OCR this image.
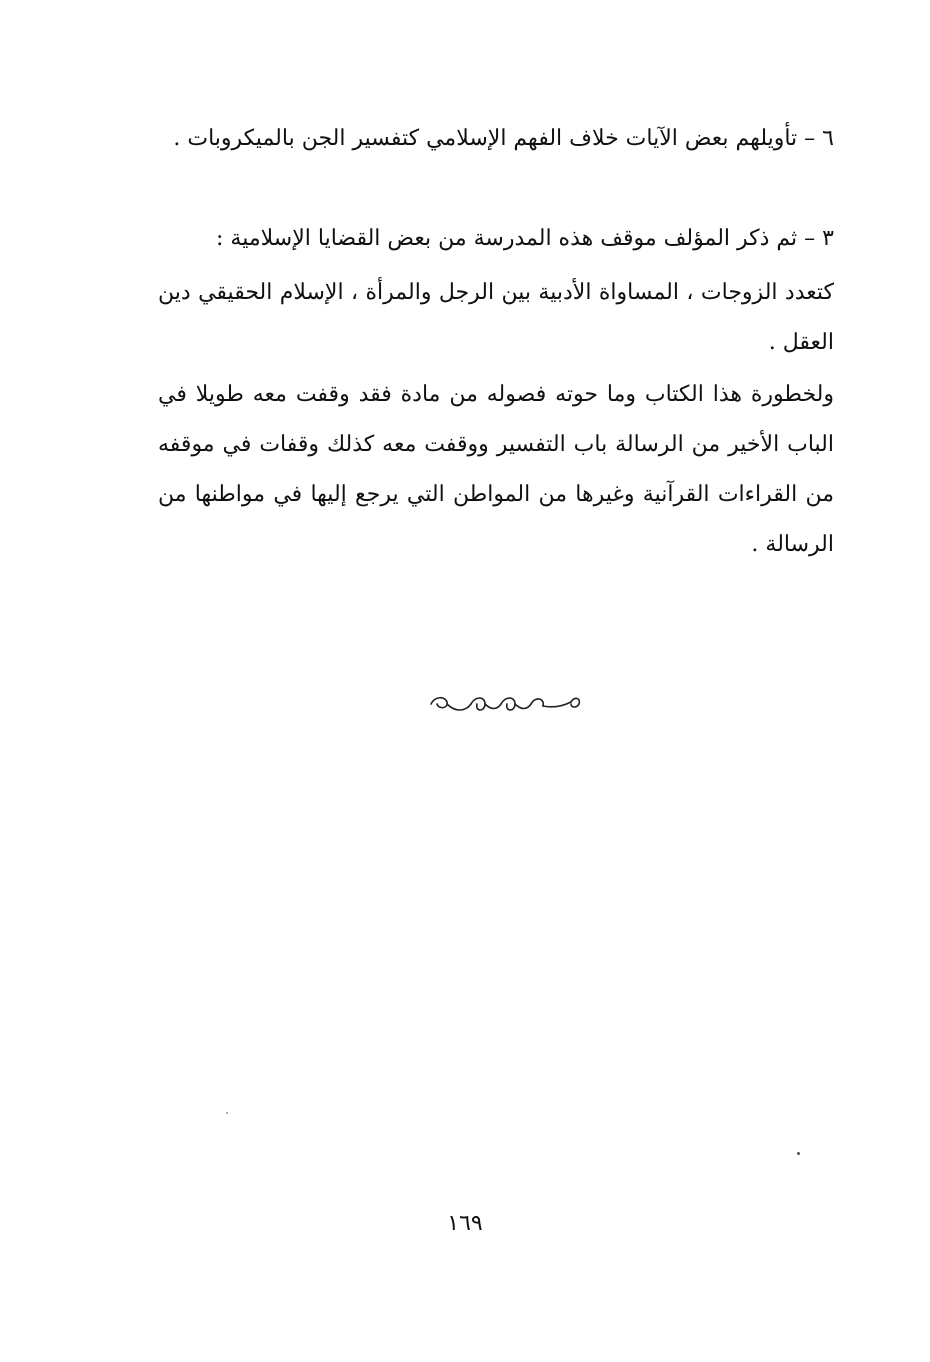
٦ – تأويلهم بعض الآيات خلاف الفهم الإسلامي كتفسير الجن بالميكروبات .

٣ – ثم ذكر المؤلف موقف هذه المدرسة من بعض القضايا الإسلامية :

كتعدد الزوجات ، المساواة الأدبية بين الرجل والمرأة ، الإسلام الحقيقي دين العقل .

ولخطورة هذا الكتاب وما حوته فصوله من مادة فقد وقفت معه طويلا في الباب الأخير من الرسالة باب التفسير ووقفت معه كذلك وقفات في موقفه من القراءات القرآنية وغيرها من المواطن التي يرجع إليها في مواطنها من الرسالة .

١٦٩
